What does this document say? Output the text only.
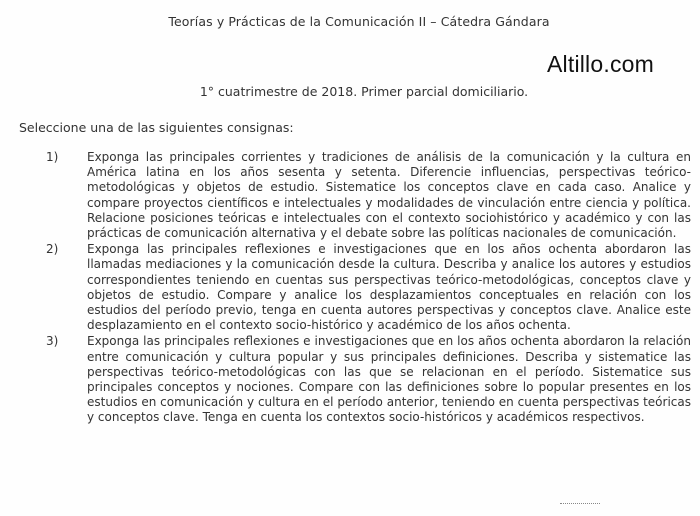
Teorías y Prácticas de la Comunicación II – Cátedra Gándara
Altillo.com
1° cuatrimestre de 2018. Primer parcial domiciliario.
Seleccione una de las siguientes consignas:
1) Exponga las principales corrientes y tradiciones de análisis de la comunicación y la cultura en América latina en los años sesenta y setenta. Diferencie influencias, perspectivas teórico-metodológicas y objetos de estudio. Sistematice los conceptos clave en cada caso. Analice y compare proyectos científicos e intelectuales y modalidades de vinculación entre ciencia y política. Relacione posiciones teóricas e intelectuales con el contexto sociohistórico y académico y con las prácticas de comunicación alternativa y el debate sobre las políticas nacionales de comunicación.
2) Exponga las principales reflexiones e investigaciones que en los años ochenta abordaron las llamadas mediaciones y la comunicación desde la cultura. Describa y analice los autores y estudios correspondientes teniendo en cuentas sus perspectivas teórico-metodológicas, conceptos clave y objetos de estudio. Compare y analice los desplazamientos conceptuales en relación con los estudios del período previo, tenga en cuenta autores perspectivas y conceptos clave. Analice este desplazamiento en el contexto socio-histórico y académico de los años ochenta.
3) Exponga las principales reflexiones e investigaciones que en los años ochenta abordaron la relación entre comunicación y cultura popular y sus principales definiciones. Describa y sistematice las perspectivas teórico-metodológicas con las que se relacionan en el período. Sistematice sus principales conceptos y nociones. Compare con las definiciones sobre lo popular presentes en los estudios en comunicación y cultura en el período anterior, teniendo en cuenta perspectivas teóricas y conceptos clave. Tenga en cuenta los contextos socio-históricos y académicos respectivos.
